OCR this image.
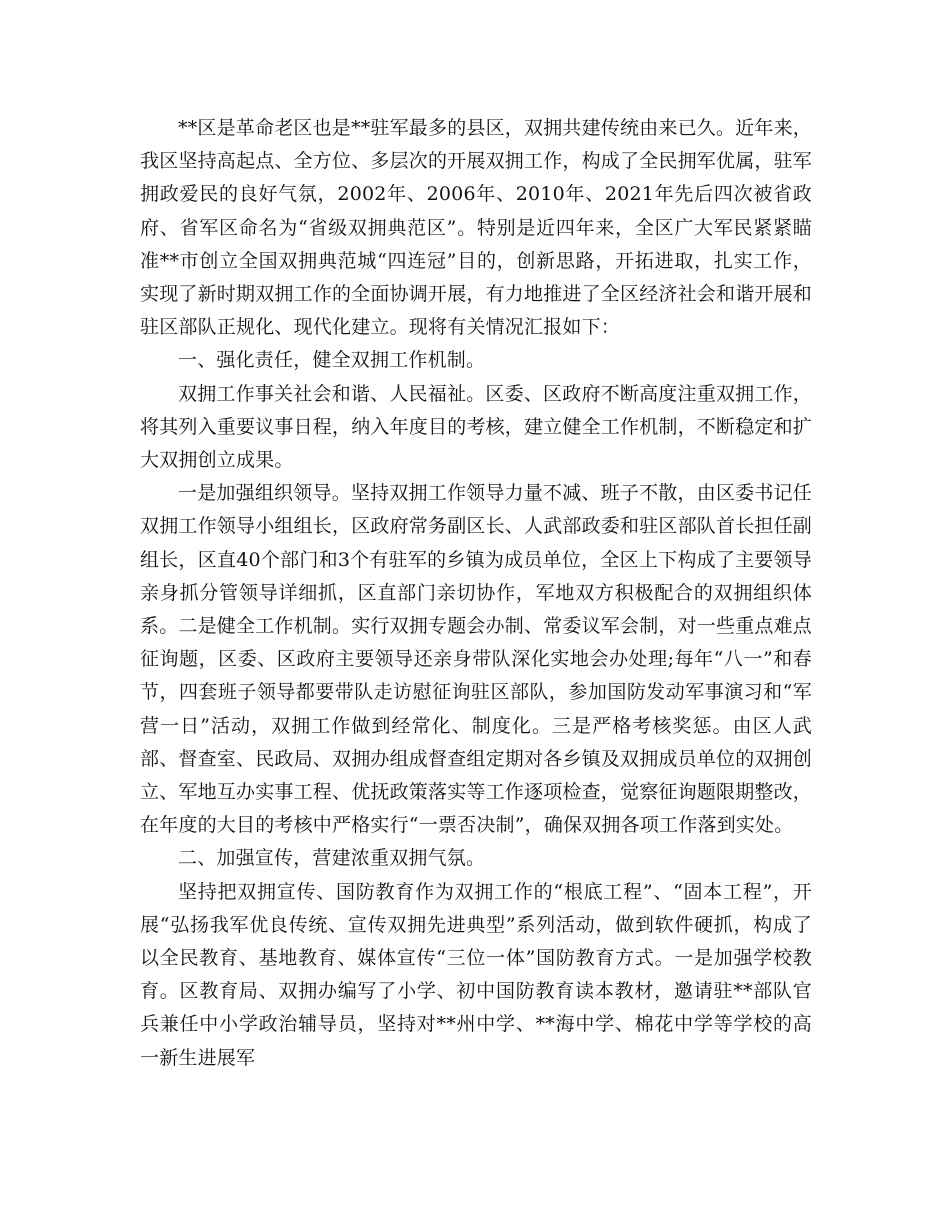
**区是革命老区也是**驻军最多的县区，双拥共建传统由来已久。近年来，我区坚持高起点、全方位、多层次的开展双拥工作，构成了全民拥军优属，驻军拥政爱民的良好气氛，2002年、2006年、2010年、2021年先后四次被省政府、省军区命名为“省级双拥典范区”。特别是近四年来，全区广大军民紧紧瞄准**市创立全国双拥典范城“四连冠”目的，创新思路，开拓进取，扎实工作，实现了新时期双拥工作的全面协调开展，有力地推进了全区经济社会和谐开展和驻区部队正规化、现代化建立。现将有关情况汇报如下：

一、强化责任，健全双拥工作机制。

双拥工作事关社会和谐、人民福祉。区委、区政府不断高度注重双拥工作，将其列入重要议事日程，纳入年度目的考核，建立健全工作机制，不断稳定和扩大双拥创立成果。

一是加强组织领导。坚持双拥工作领导力量不减、班子不散，由区委书记任双拥工作领导小组组长，区政府常务副区长、人武部政委和驻区部队首长担任副组长，区直40个部门和3个有驻军的乡镇为成员单位，全区上下构成了主要领导亲身抓分管领导详细抓，区直部门亲切协作，军地双方积极配合的双拥组织体系。二是健全工作机制。实行双拥专题会办制、常委议军会制，对一些重点难点征询题，区委、区政府主要领导还亲身带队深化实地会办处理;每年“八一”和春节，四套班子领导都要带队走访慰征询驻区部队，参加国防发动军事演习和“军营一日”活动，双拥工作做到经常化、制度化。三是严格考核奖惩。由区人武部、督查室、民政局、双拥办组成督查组定期对各乡镇及双拥成员单位的双拥创立、军地互办实事工程、优抚政策落实等工作逐项检查，觉察征询题限期整改，在年度的大目的考核中严格实行“一票否决制”，确保双拥各项工作落到实处。

二、加强宣传，营建浓重双拥气氛。

坚持把双拥宣传、国防教育作为双拥工作的“根底工程”、“固本工程”，开展“弘扬我军优良传统、宣传双拥先进典型”系列活动，做到软件硬抓，构成了以全民教育、基地教育、媒体宣传“三位一体”国防教育方式。一是加强学校教育。区教育局、双拥办编写了小学、初中国防教育读本教材，邀请驻**部队官兵兼任中小学政治辅导员，坚持对**州中学、**海中学、棉花中学等学校的高一新生进展军
